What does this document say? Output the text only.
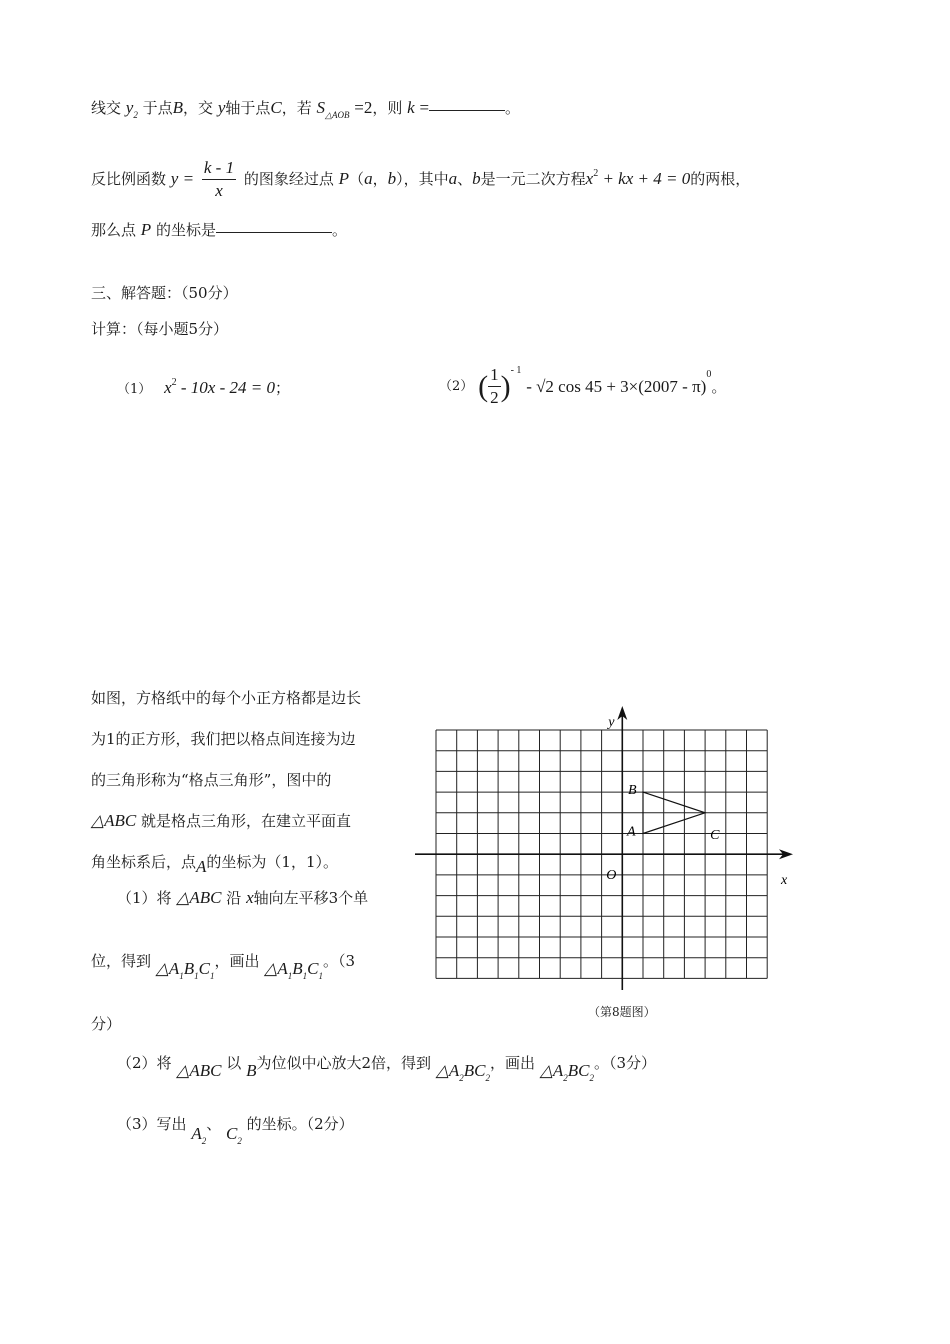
线交 $y_2$ 于点B，交 y轴于点C，若 $S_{\triangle AOB} =2$，则 k =	。
反比例函数 $y = \frac{k - 1}{x}$ 的图象经过点 P（a，b），其中a、b是一元二次方程$x^2$ + kx + 4 = 0的两根，
那么点 P 的坐标是	。
三、解答题：（50分）
计算：（每小题5分）
（1） $x^2 - 10x - 24 = 0$；	（2） ( $\frac{1}{2} )^{- 1} - √2$ cos 45 + 3×(2007 - π)$^0$。
如图，方格纸中的每个小正方格都是边长
为1的正方形，我们把以格点间连接为边
的三角形称为“格点三角形”，图中的
△ABC 就是格点三角形，在建立平面直
角坐标系后，点A的坐标为（1，1）。
（1）将 △ABC 沿 x轴向左平移3个单
位，得到 $\triangle A_1B_1C_1$，画出 $\triangle A_1B_1C_1$。（3
分）
（2）将 △ABC 以 B为位似中心放大2倍，得到 $\triangle A_2BC_2$，画出 $\triangle A_2BC_2$。（3分）
（3）写出 $A_2$、 $C_2$ 的坐标。（2分）
y
x
O
A
B
C
（第8题图）
